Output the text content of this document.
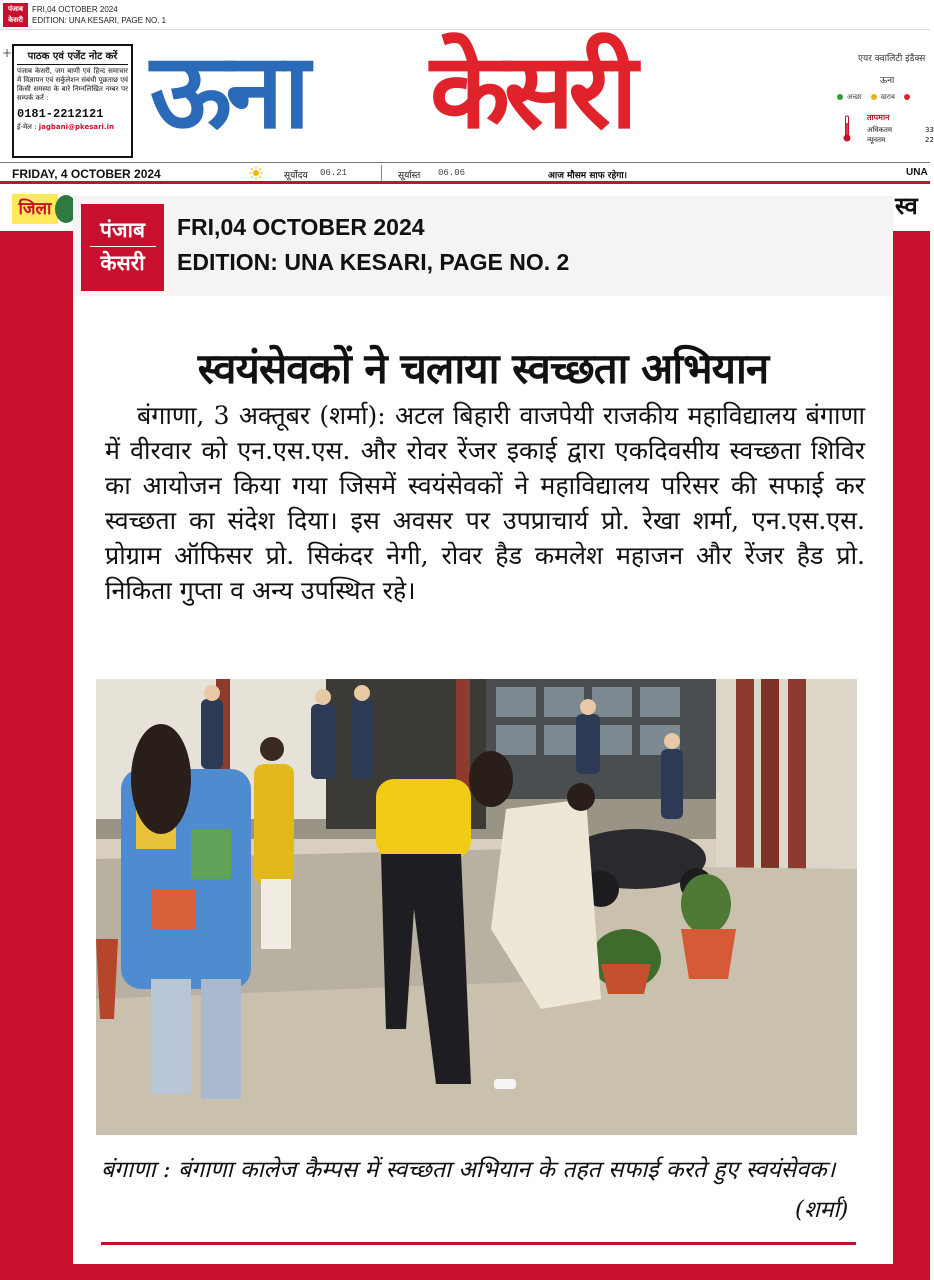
पंजाब केसरी
FRI,04 OCTOBER 2024
EDITION: UNA KESARI, PAGE NO. 1
+	पाठक एवं एजेंट नोट करें
पंजाब केसरी, जग बाणी एवं हिन्द समाचार में विज्ञापन एवं सर्कुलेशन संबंधी पूछताछ एवं किसी समस्या के बारे निम्नलिखित नम्बर पर सम्पर्क करें :
0181-2212121
ई-मेल : jagbani@pkesari.in ऊना केसरी	एयर क्वालिटी इंडैक्स
ऊना
अच्छा	खराब
तापमान
अधिकतम	33
न्यूनतम	22
FRIDAY, 4 OCTOBER 2024	सूर्योदय 06.21	सूर्यास्त 06.06	आज मौसम साफ रहेगा।	UNA
जिला	स्व
पंजाब
केसरी
FRI,04 OCTOBER 2024
EDITION: UNA KESARI, PAGE NO. 2
स्वयंसेवकों ने चलाया स्वच्छता अभियान

बंगाणा, 3 अक्तूबर (शर्मा): अटल बिहारी वाजपेयी राजकीय महाविद्यालय बंगाणा में वीरवार को एन.एस.एस. और रोवर रेंजर इकाई द्वारा एकदिवसीय स्वच्छता शिविर का आयोजन किया गया जिसमें स्वयंसेवकों ने महाविद्यालय परिसर की सफाई कर स्वच्छता का संदेश दिया। इस अवसर पर उपप्राचार्य प्रो. रेखा शर्मा, एन.एस.एस. प्रोग्राम ऑफिसर प्रो. सिकंदर नेगी, रोवर हैड कमलेश महाजन और रेंजर हैड प्रो. निकिता गुप्ता व अन्य उपस्थित रहे।

बंगाणा : बंगाणा कालेज कैम्पस में स्वच्छता अभियान के तहत सफाई करते हुए स्वयंसेवक।

(शर्मा)
